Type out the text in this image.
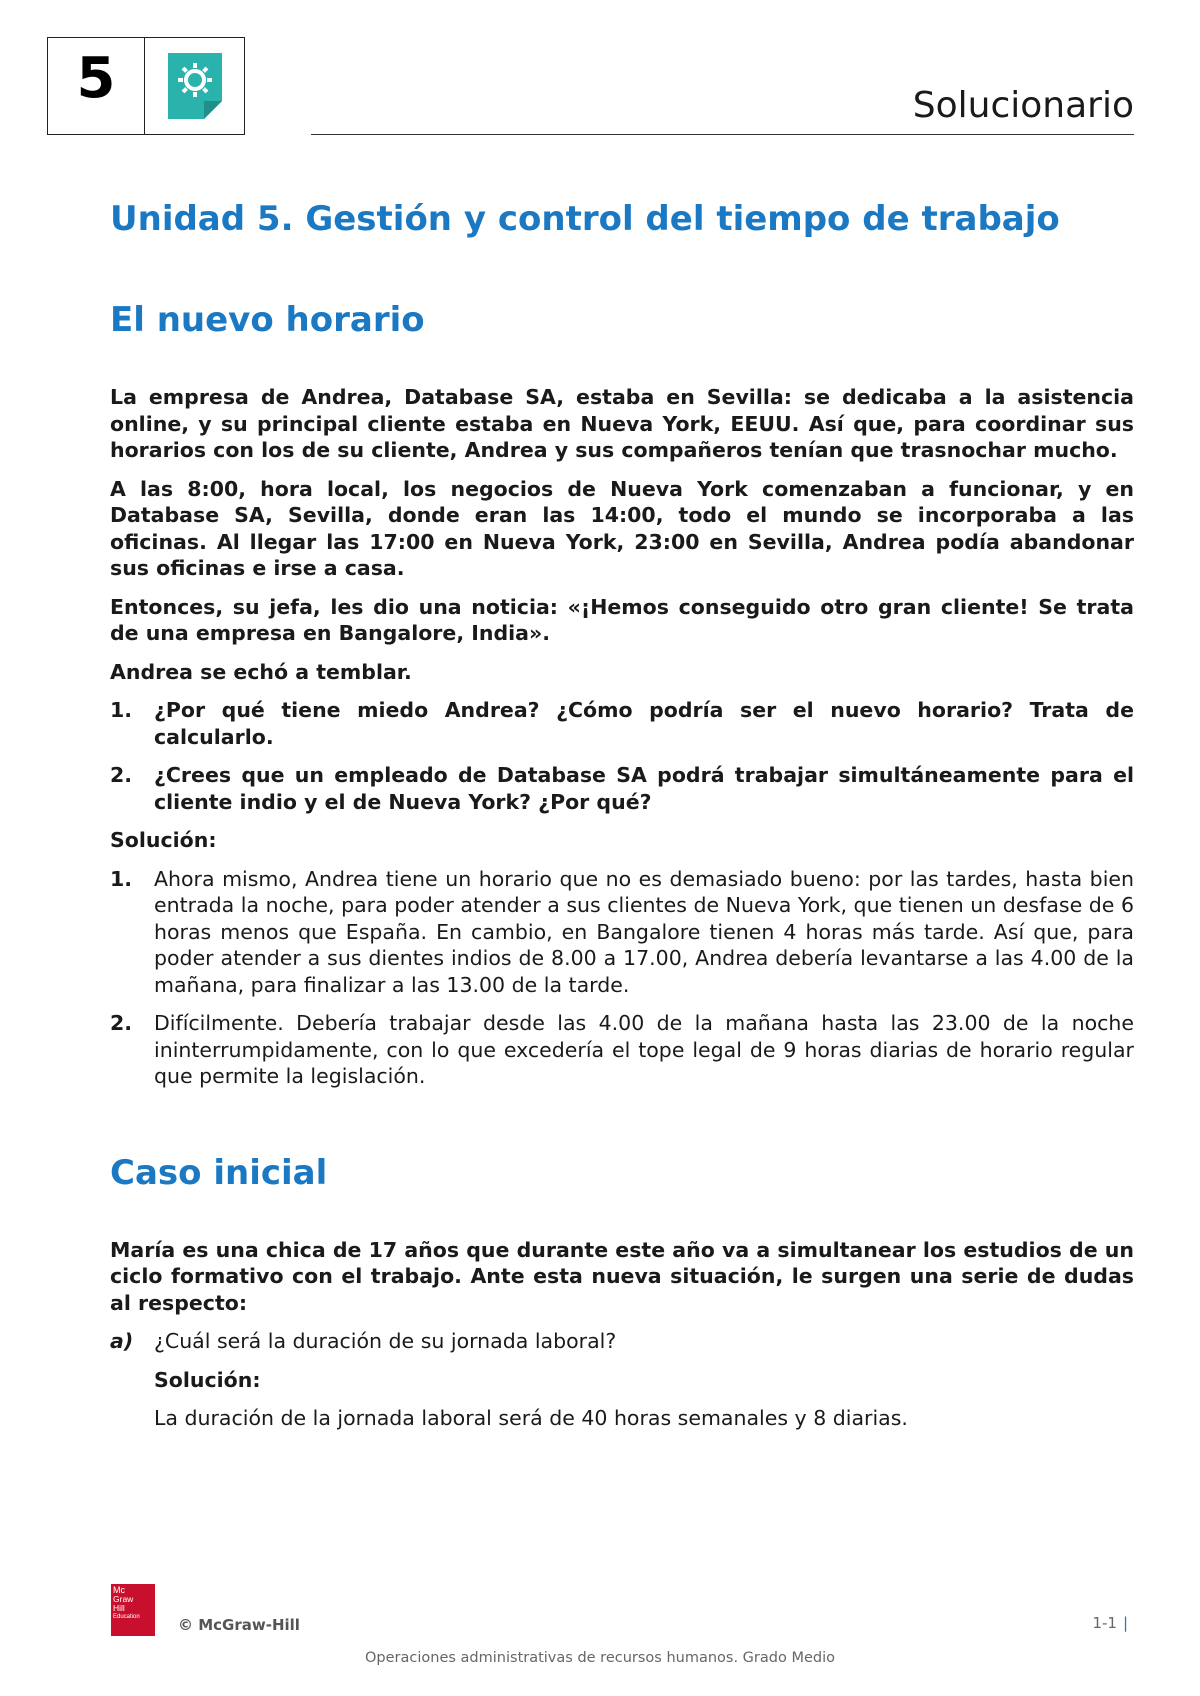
5	Solucionario
Unidad 5. Gestión y control del tiempo de trabajo
El nuevo horario

La empresa de Andrea, Database SA, estaba en Sevilla: se dedicaba a la asistencia online, y su principal cliente estaba en Nueva York, EEUU. Así que, para coordinar sus horarios con los de su cliente, Andrea y sus compañeros tenían que trasnochar mucho.

A las 8:00, hora local, los negocios de Nueva York comenzaban a funcionar, y en Database SA, Sevilla, donde eran las 14:00, todo el mundo se incorporaba a las oficinas. Al llegar las 17:00 en Nueva York, 23:00 en Sevilla, Andrea podía abandonar sus oficinas e irse a casa.

Entonces, su jefa, les dio una noticia: «¡Hemos conseguido otro gran cliente! Se trata de una empresa en Bangalore, India».

Andrea se echó a temblar.

1. ¿Por qué tiene miedo Andrea? ¿Cómo podría ser el nuevo horario? Trata de calcularlo.
2. ¿Crees que un empleado de Database SA podrá trabajar simultáneamente para el cliente indio y el de Nueva York? ¿Por qué?

Solución:

1. Ahora mismo, Andrea tiene un horario que no es demasiado bueno: por las tardes, hasta bien entrada la noche, para poder atender a sus clientes de Nueva York, que tienen un desfase de 6 horas menos que España. En cambio, en Bangalore tienen 4 horas más tarde. Así que, para poder atender a sus dientes indios de 8.00 a 17.00, Andrea debería levantarse a las 4.00 de la mañana, para finalizar a las 13.00 de la tarde.
2. Difícilmente. Debería trabajar desde las 4.00 de la mañana hasta las 23.00 de la noche ininterrumpidamente, con lo que excedería el tope legal de 9 horas diarias de horario regular que permite la legislación.
Caso inicial

María es una chica de 17 años que durante este año va a simultanear los estudios de un ciclo formativo con el trabajo. Ante esta nueva situación, le surgen una serie de dudas al respecto:

a) ¿Cuál será la duración de su jornada laboral?
Solución:
La duración de la jornada laboral será de 40 horas semanales y 8 diarias.
Mc
Graw
Hill
Education	© McGraw-Hill	1-1 |
Operaciones administrativas de recursos humanos. Grado Medio
